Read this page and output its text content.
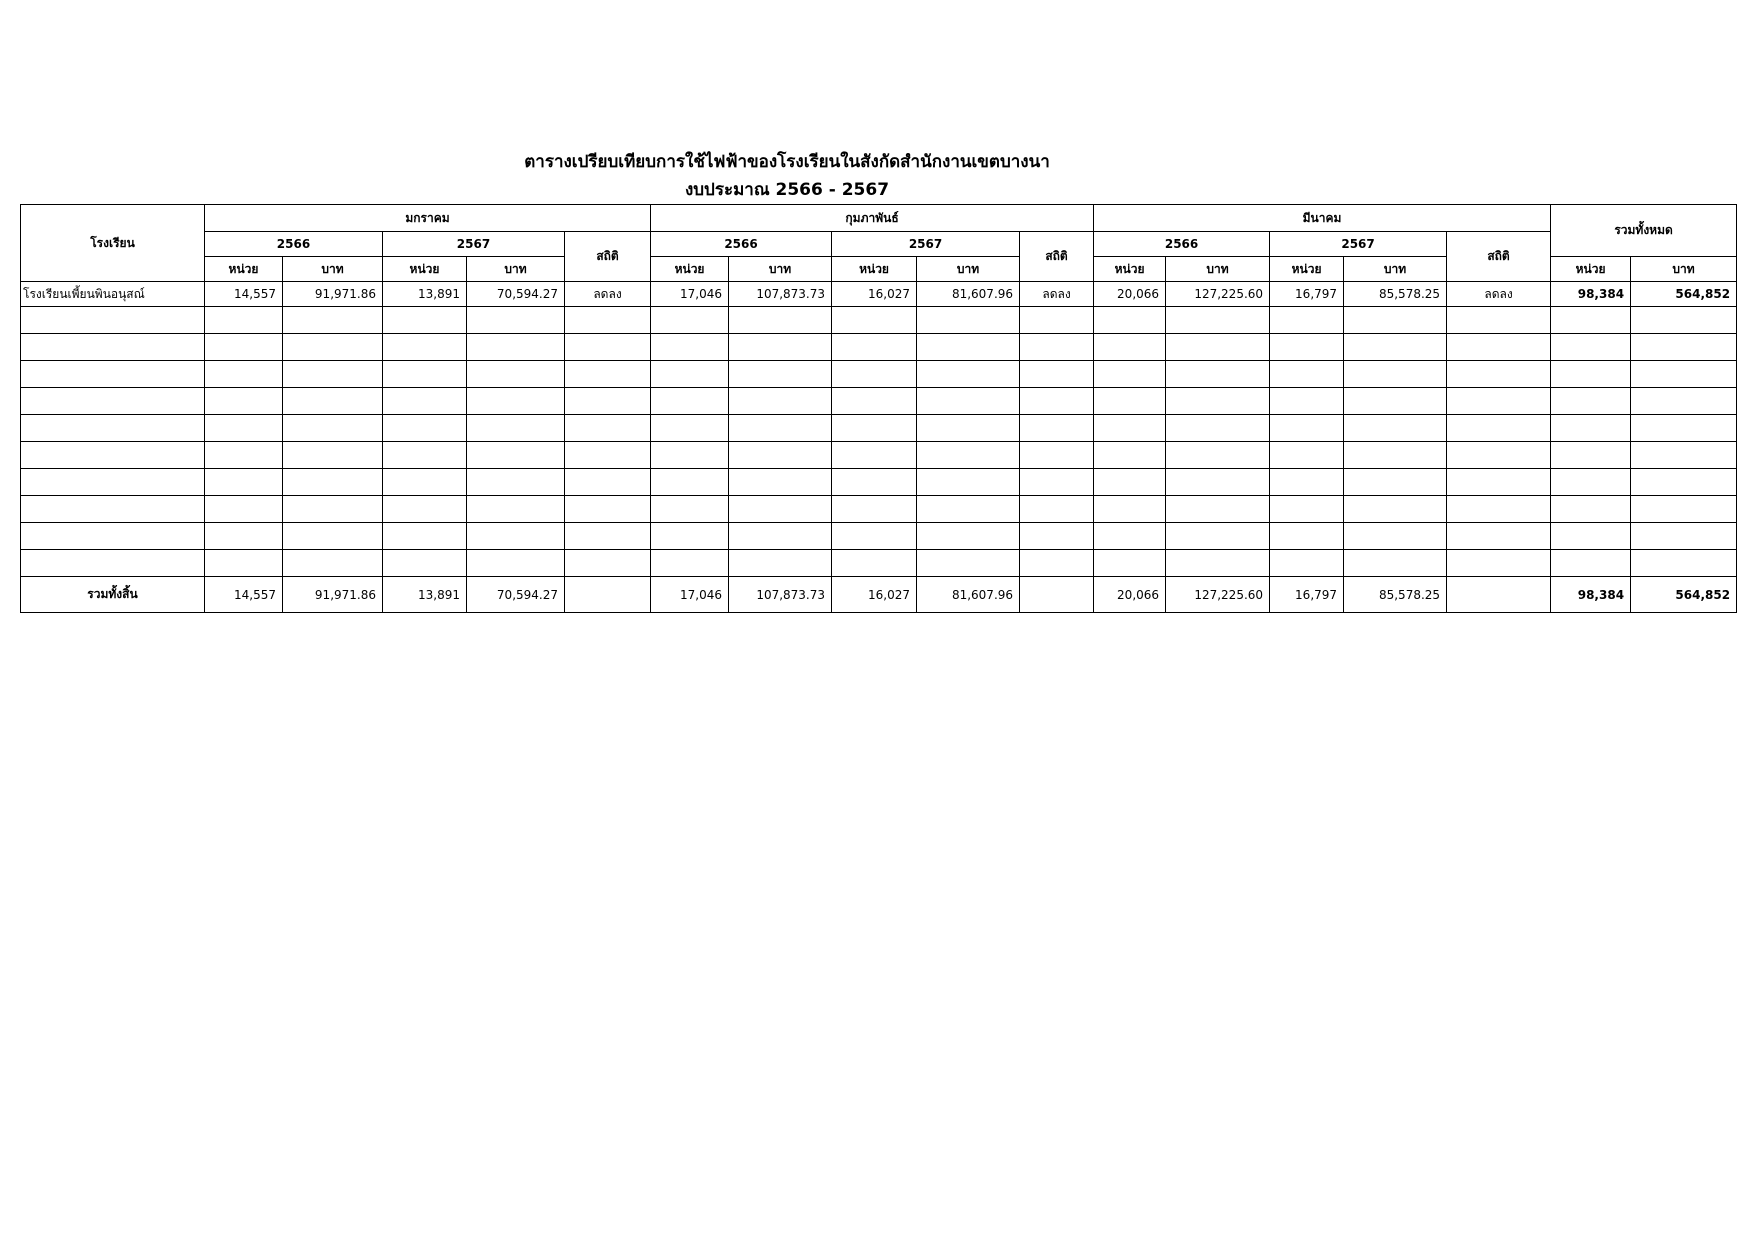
ตารางเปรียบเทียบการใช้ไฟฟ้าของโรงเรียนในสังกัดสำนักงานเขตบางนา
งบประมาณ 2566 - 2567
โรงเรียน	มกราคม					กุมภาพันธ์					มีนาคม					รวมทั้งหมด	
	2566		2567		สถิติ	2566		2567		สถิติ	2566		2567		สถิติ		
	หน่วย	บาท	หน่วย	บาท		หน่วย	บาท	หน่วย	บาท		หน่วย	บาท	หน่วย	บาท		หน่วย	บาท
โรงเรียนเพี้ยนพินอนุสณ์	14,557	91,971.86	13,891	70,594.27	ลดลง	17,046	107,873.73	16,027	81,607.96	ลดลง	20,066	127,225.60	16,797	85,578.25	ลดลง	98,384	564,852

รวมทั้งสิ้น	14,557	91,971.86	13,891	70,594.27		17,046	107,873.73	16,027	81,607.96		20,066	127,225.60	16,797	85,578.25		98,384	564,852
